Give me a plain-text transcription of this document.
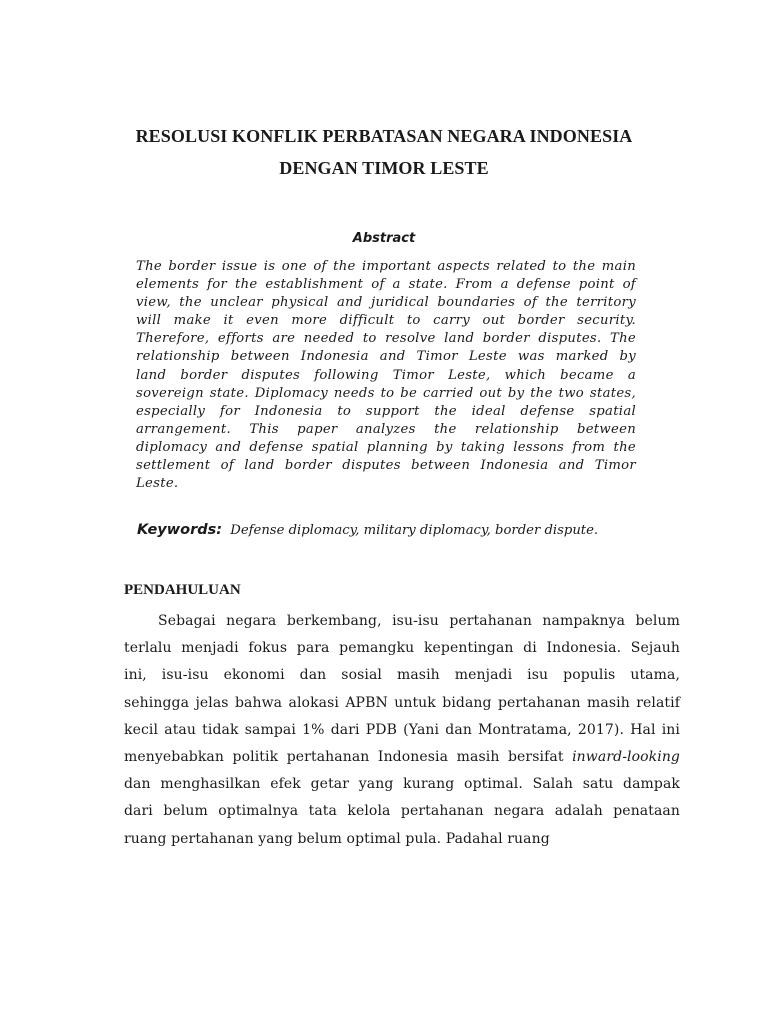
RESOLUSI KONFLIK PERBATASAN NEGARA INDONESIA
DENGAN TIMOR LESTE
Abstract
The border issue is one of the important aspects related to the main
elements for the establishment of a state. From a defense point of
view, the unclear physical and juridical boundaries of the territory
will make it even more difficult to carry out border security.
Therefore, efforts are needed to resolve land border disputes. The
relationship between Indonesia and Timor Leste was marked by
land border disputes following Timor Leste, which became a
sovereign state. Diplomacy needs to be carried out by the two states,
especially for Indonesia to support the ideal defense spatial
arrangement. This paper analyzes the relationship between
diplomacy and defense spatial planning by taking lessons from the
settlement of land border disputes between Indonesia and Timor
Leste.
Keywords: Defense diplomacy, military diplomacy, border dispute.
PENDAHULUAN
Sebagai negara berkembang, isu-isu pertahanan nampaknya belum
terlalu menjadi fokus para pemangku kepentingan di Indonesia. Sejauh
ini, isu-isu ekonomi dan sosial masih menjadi isu populis utama,
sehingga jelas bahwa alokasi APBN untuk bidang pertahanan masih relatif
kecil atau tidak sampai 1% dari PDB (Yani dan Montratama, 2017). Hal ini
menyebabkan politik pertahanan Indonesia masih bersifat inward-looking
dan menghasilkan efek getar yang kurang optimal. Salah satu dampak
dari belum optimalnya tata kelola pertahanan negara adalah penataan
ruang pertahanan yang belum optimal pula. Padahal ruang
